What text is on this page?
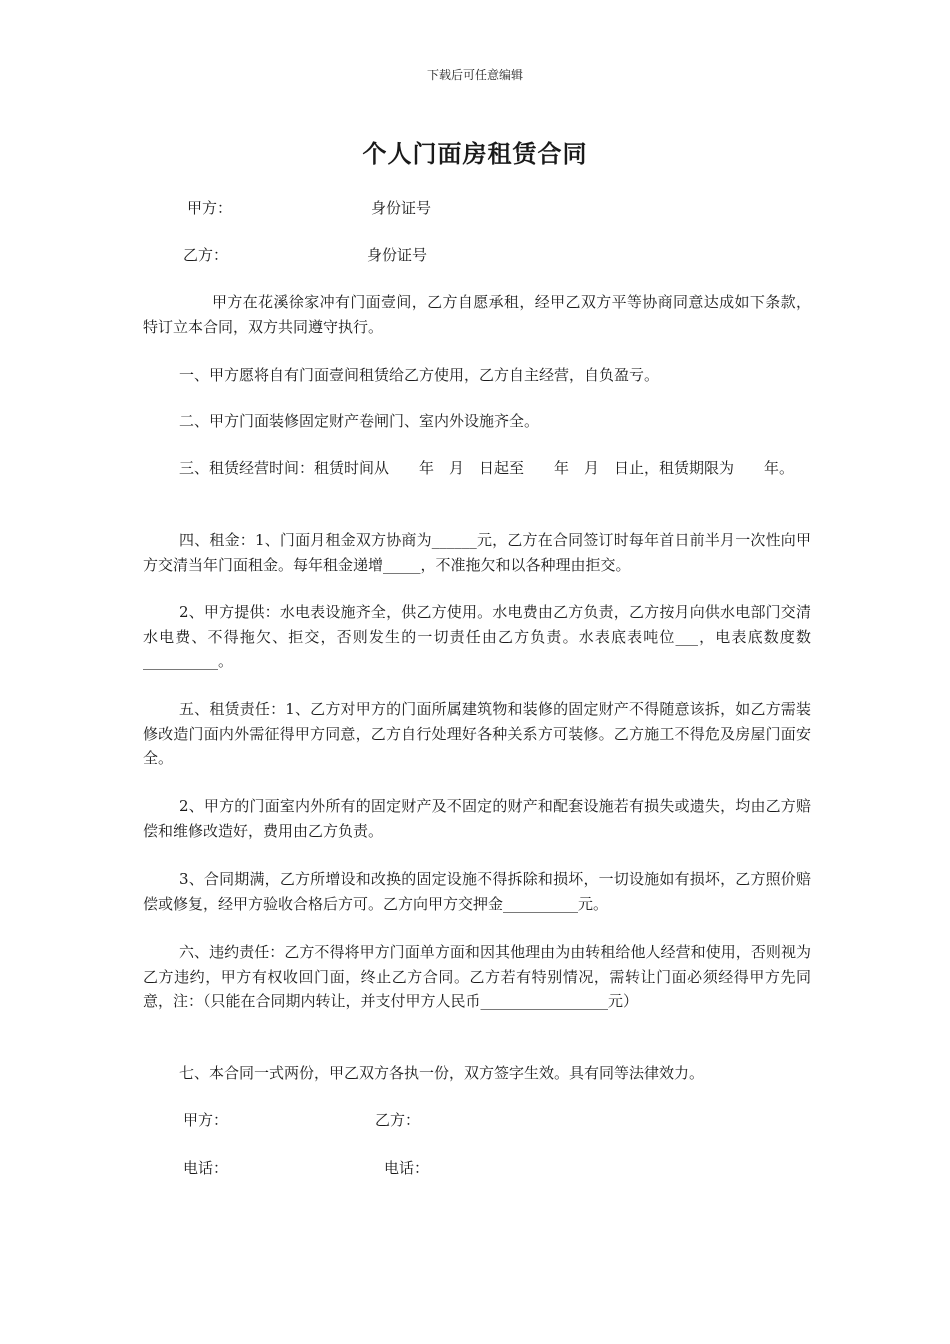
下载后可任意编辑
个人门面房租赁合同
甲方：	身份证号
乙方：	身份证号
甲方在花溪徐家冲有门面壹间，乙方自愿承租，经甲乙双方平等协商同意达成如下条款，特订立本合同，双方共同遵守执行。
一、甲方愿将自有门面壹间租赁给乙方使用，乙方自主经营，自负盈亏。
二、甲方门面装修固定财产卷闸门、室内外设施齐全。
三、租赁经营时间：租赁时间从　　年　月　日起至　　年　月　日止，租赁期限为　　年。
四、租金：1、门面月租金双方协商为______元，乙方在合同签订时每年首日前半月一次性向甲方交清当年门面租金。每年租金递增_____，不准拖欠和以各种理由拒交。
2、甲方提供：水电表设施齐全，供乙方使用。水电费由乙方负责，乙方按月向供水电部门交清水电费、不得拖欠、拒交，否则发生的一切责任由乙方负责。水表底表吨位___，电表底数度数__________。
五、租赁责任：1、乙方对甲方的门面所属建筑物和装修的固定财产不得随意该拆，如乙方需装修改造门面内外需征得甲方同意，乙方自行处理好各种关系方可装修。乙方施工不得危及房屋门面安全。
2、甲方的门面室内外所有的固定财产及不固定的财产和配套设施若有损失或遗失，均由乙方赔偿和维修改造好，费用由乙方负责。
3、合同期满，乙方所增设和改换的固定设施不得拆除和损坏，一切设施如有损坏，乙方照价赔偿或修复，经甲方验收合格后方可。乙方向甲方交押金__________元。
六、违约责任：乙方不得将甲方门面单方面和因其他理由为由转租给他人经营和使用，否则视为乙方违约，甲方有权收回门面，终止乙方合同。乙方若有特别情况，需转让门面必须经得甲方先同意，注：（只能在合同期内转让，并支付甲方人民币_________________元）
七、本合同一式两份，甲乙双方各执一份，双方签字生效。具有同等法律效力。
甲方：	乙方：
电话：	电话：
